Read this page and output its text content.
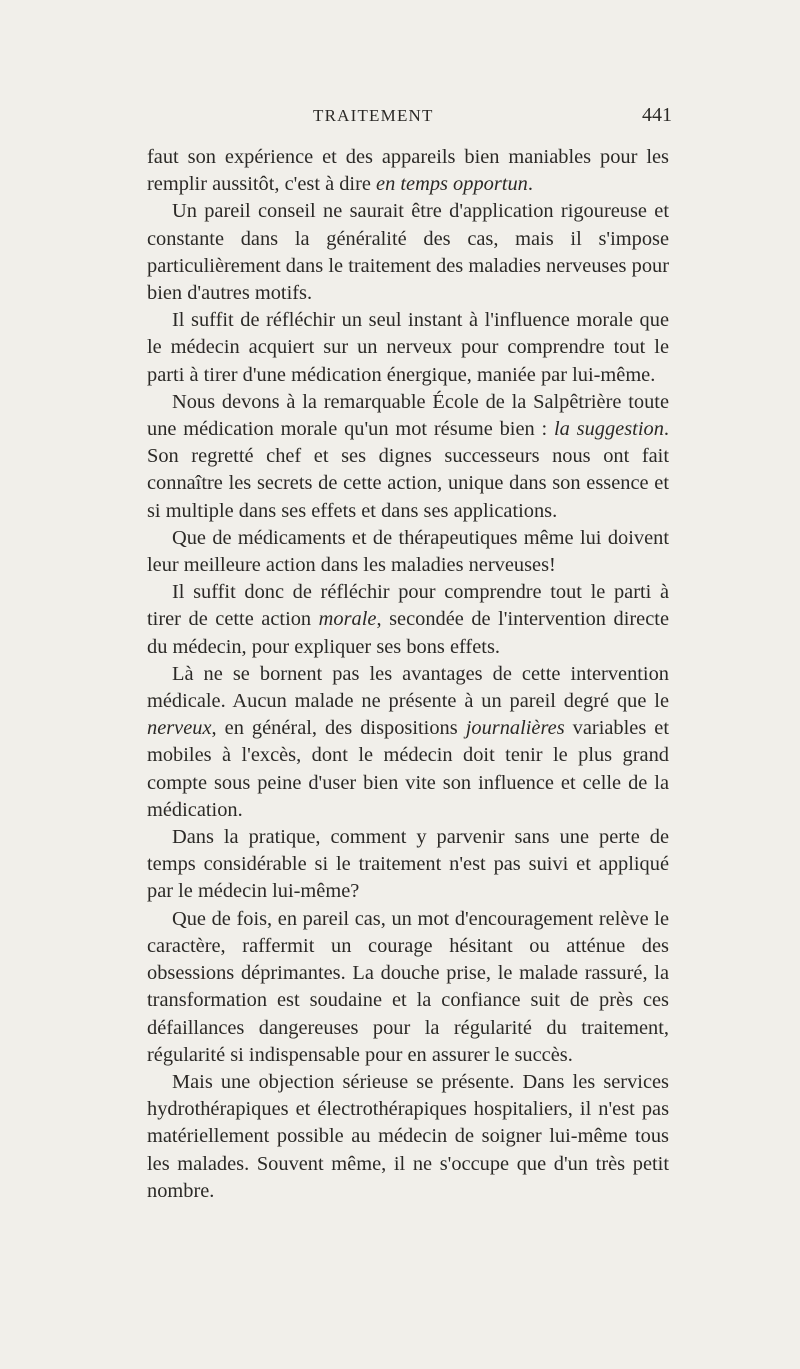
TRAITEMENT	441

faut son expérience et des appareils bien maniables pour les remplir aussitôt, c'est à dire en temps opportun.

Un pareil conseil ne saurait être d'application rigoureuse et constante dans la généralité des cas, mais il s'impose particulièrement dans le traitement des maladies nerveuses pour bien d'autres motifs.

Il suffit de réfléchir un seul instant à l'influence morale que le médecin acquiert sur un nerveux pour comprendre tout le parti à tirer d'une médication énergique, maniée par lui-même.

Nous devons à la remarquable École de la Salpêtrière toute une médication morale qu'un mot résume bien : la suggestion. Son regretté chef et ses dignes successeurs nous ont fait connaître les secrets de cette action, unique dans son essence et si multiple dans ses effets et dans ses applications.

Que de médicaments et de thérapeutiques même lui doivent leur meilleure action dans les maladies nerveuses!

Il suffit donc de réfléchir pour comprendre tout le parti à tirer de cette action morale, secondée de l'intervention directe du médecin, pour expliquer ses bons effets.

Là ne se bornent pas les avantages de cette intervention médicale. Aucun malade ne présente à un pareil degré que le nerveux, en général, des dispositions journalières variables et mobiles à l'excès, dont le médecin doit tenir le plus grand compte sous peine d'user bien vite son influence et celle de la médication.

Dans la pratique, comment y parvenir sans une perte de temps considérable si le traitement n'est pas suivi et appliqué par le médecin lui-même?

Que de fois, en pareil cas, un mot d'encouragement relève le caractère, raffermit un courage hésitant ou atténue des obsessions déprimantes. La douche prise, le malade rassuré, la transformation est soudaine et la confiance suit de près ces défaillances dangereuses pour la régularité du traitement, régularité si indispensable pour en assurer le succès.

Mais une objection sérieuse se présente. Dans les services hydrothérapiques et électrothérapiques hospitaliers, il n'est pas matériellement possible au médecin de soigner lui-même tous les malades. Souvent même, il ne s'occupe que d'un très petit nombre.
